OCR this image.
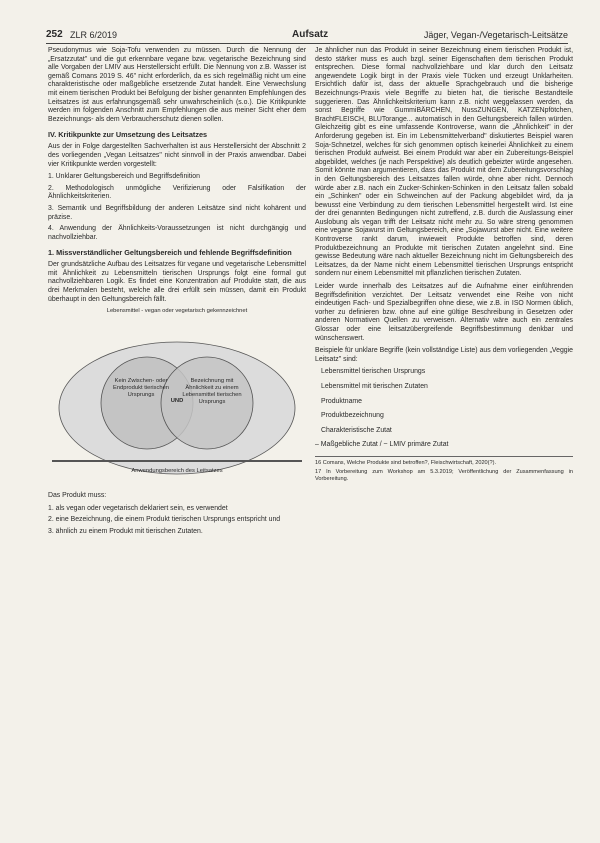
252 ZLR 6/2019	Aufsatz	Jäger, Vegan-/Vegetarisch-Leitsätze

Pseudonymus wie Soja-Tofu verwenden zu müssen. Durch die Nennung der „Ersatzzutat" und die gut erkennbare vegane bzw. vegetarische Bezeichnung sind alle Vorgaben der LMIV aus Herstellersicht erfüllt. Die Nennung von z.B. Wasser ist gemäß Comans 2019 S. 46" nicht erforderlich, da es sich regelmäßig nicht um eine charakteristische oder maßgebliche ersetzende Zutat handelt. Eine Verwechslung mit einem tierischen Produkt bei Befolgung der bisher genannten Empfehlungen des Leitsatzes ist aus erfahrungsgemäß sehr unwahrscheinlich (s.o.). Die Kritikpunkte werden im folgenden Anschnitt zum Empfehlungen die aus meiner Sicht eher dem Bezeichnungs- als dem Verbraucherschutz dienen sollen.

IV. Kritikpunkte zur Umsetzung des Leitsatzes

Aus der in Folge dargestellten Sachverhalten ist aus Herstellersicht der Abschnitt 2 des vorliegenden „Vegan Leitsatzes" nicht sinnvoll in der Praxis anwendbar. Dabei vier Kritikpunkte werden vorgestellt:

1. Unklarer Geltungsbereich und Begriffsdefinition

2. Methodologisch unmögliche Verifizierung oder Falsifikation der Ähnlichkeitskriterien.

3. Semantik und Begriffsbildung der anderen Leitsätze sind nicht kohärent und präzise.

4. Anwendung der Ähnlichkeits-Voraussetzungen ist nicht durchgängig und nachvollziehbar.

1. Missverständlicher Geltungsbereich und fehlende Begriffsdefinition

Der grundsätzliche Aufbau des Leitsatzes für vegane und vegetarische Lebensmittel mit Ähnlichkeit zu Lebensmitteln tierischen Ursprungs folgt eine formal gut nachvollziehbaren Logik. Es findet eine Konzentration auf Produkte statt, die aus drei Merkmalen besteht, welche alle drei erfüllt sein müssen, damit ein Produkt überhaupt in den Geltungsbereich fällt.

Lebensmittel - vegan oder vegetarisch gekennzeichnet
Kein Zwischen- oder Endprodukt tierischen Ursprungs
Bezeichnung mit Ähnlichkeit zu einem Lebensmittel tierischen Ursprungs
UND
Anwendungsbereich des Leitsatzes

Das Produkt muss:

1. als vegan oder vegetarisch deklariert sein, es verwendet

2. eine Bezeichnung, die einem Produkt tierischen Ursprungs entspricht und

3. ähnlich zu einem Produkt mit tierischen Zutaten.

Je ähnlicher nun das Produkt in seiner Bezeichnung einem tierischen Produkt ist, desto stärker muss es auch bzgl. seiner Eigenschaften dem tierischen Produkt entsprechen. Diese formal nachvollziehbare und klar durch den Leitsatz angewendete Logik birgt in der Praxis viele Tücken und erzeugt Unklarheiten. Ersichtlich dafür ist, dass der aktuelle Sprachgebrauch und die bisherige Bezeichnungs-Praxis viele Begriffe zu bieten hat, die tierische Bestandteile suggerieren. Das Ähnlichkeitskriterium kann z.B. nicht weggelassen werden, da sonst Begriffe wie GummiBÄRCHEN, NussZUNGEN, KATZENpfötchen, BrachtFLEISCH, BLUTorange... automatisch in den Geltungsbereich fallen würden. Gleichzeitig gibt es eine umfassende Kontroverse, wann die „Ähnlichkeit" in der Anforderung gegeben ist. Ein im Lebensmittelverband" diskutiertes Beispiel waren Soja-Schnetzel, welches für sich genommen optisch keinerlei Ähnlichkeit zu einem tierischen Produkt aufweist. Bei einem Produkt war aber ein Zubereitungs-Beispiel abgebildet, welches (je nach Perspektive) als deutlich gebeizter würde angesehen. Somit könnte man argumentieren, dass das Produkt mit dem Zubereitungsvorschlag in den Geltungsbereich des Leitsatzes fallen würde, ohne aber nicht. Dennoch würde aber z.B. nach ein Zucker-Schinken-Schinken in den Leitsatz fallen sobald ein „Schinken" oder ein Schweinchen auf der Packung abgebildet wird, da ja bewusst eine Verbindung zu dem tierischen Lebensmittel hergestellt wird. Ist eine der drei genannten Bedingungen nicht zutreffend, z.B. durch die Auslassung einer Auslobung als vegan trifft der Leitsatz nicht mehr zu. So wäre streng genommen eine vegane Sojawurst im Geltungsbereich, eine „Sojawurst aber nicht. Eine weitere Kontroverse rankt darum, inwieweit Produkte betroffen sind, deren Produktbezeichnung an Produkte mit tierischen Zutaten angelehnt sind. Eine gewisse Bedeutung wäre nach aktueller Bezeichnung nicht im Geltungsbereich des Leitsatzes, da der Name nicht einem Lebensmittel tierischen Ursprungs entspricht sondern nur einem Lebensmittel mit pflanzlichen tierischen Zutaten.

Leider wurde innerhalb des Leitsatzes auf die Aufnahme einer einführenden Begriffsdefinition verzichtet. Der Leitsatz verwendet eine Reihe von nicht eindeutigen Fach- und Spezialbegriffen ohne diese, wie z.B. in ISO Normen üblich, vorher zu definieren bzw. ohne auf eine gültige Beschreibung in Gesetzen oder anderen Normativen Quellen zu verweisen. Alternativ wäre auch ein zentrales Glossar oder eine leitsatzübergreifende Begriffsbestimmung denkbar und wünschenswert.

Beispiele für unklare Begriffe (kein vollständige Liste) aus dem vorliegenden „Veggie Leitsatz" sind:

Lebensmittel tierischen Ursprungs
Lebensmittel mit tierischen Zutaten
Produktname
Produktbezeichnung
Charakteristische Zutat
– Maßgebliche Zutat / ~ LMIV primäre Zutat
16 Comans, Welche Produkte sind betroffen?, Fleischwirtschaft, 2020(?).
17 In Vorbereitung zum Workshop am 5.3.2019; Veröffentlichung der Zusammenfassung in Vorbereitung.
